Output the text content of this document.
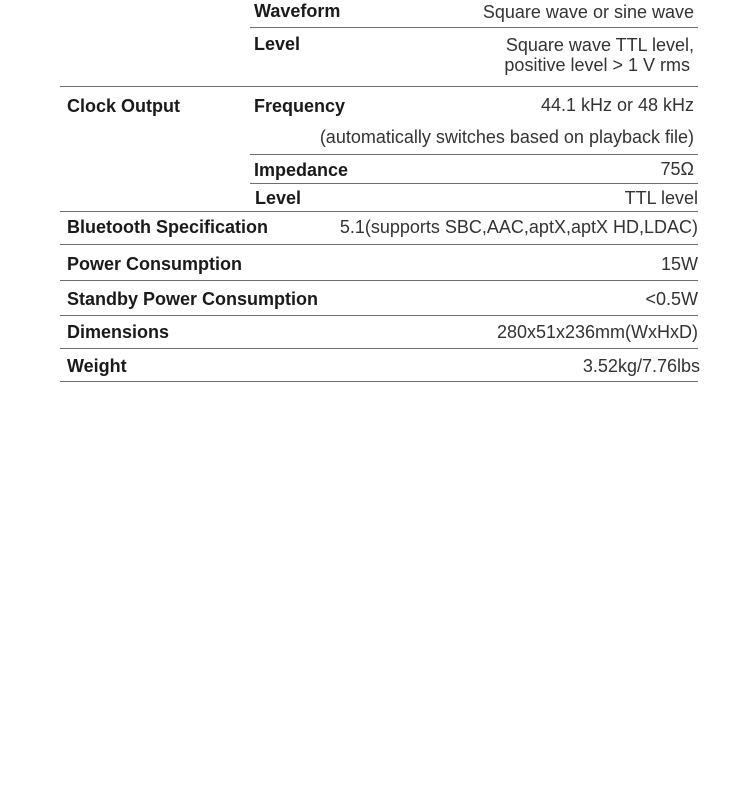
Waveform	Square wave or sine wave
Level	Square wave TTL level,
positive level > 1 V rms
Clock Output	Frequency	44.1 kHz or 48 kHz
(automatically switches based on playback file)
Impedance	75Ω
Level	TTL level
Bluetooth Specification	5.1(supports SBC,AAC,aptX,aptX HD,LDAC)
Power Consumption	15W
Standby Power Consumption	<0.5W
Dimensions	280x51x236mm(WxHxD)
Weight	3.52kg/7.76lbs
